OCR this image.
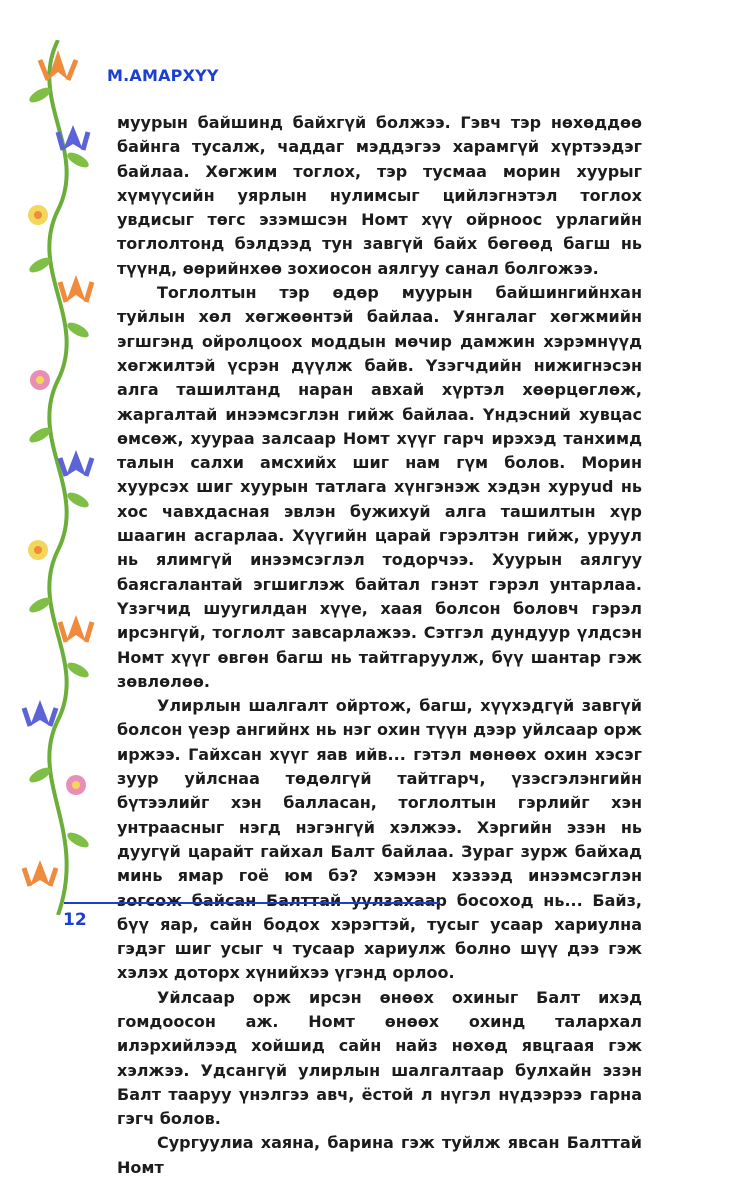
М.АМАРХҮҮ

муурын байшинд байхгүй болжээ. Гэвч тэр нөхөддөө байнга тусалж, чаддаг мэддэгээ харамгүй хүртээдэг байлаа. Хөгжим тоглох, тэр тусмаа морин хуурыг хүмүүсийн уярлын нулимсыг цийлэгнэтэл тоглох увдисыг төгс эзэмшсэн Номт хүү ойрноос урлагийн тоглолтонд бэлдээд тун завгүй байх бөгөөд багш нь түүнд, өөрийнхөө зохиосон аялгуу санал болгожээ.

Тоглолтын тэр өдөр муурын байшингийнхан туйлын хөл хөгжөөнтэй байлаа. Уянгалаг хөгжмийн эгшгэнд ойролцоох моддын мөчир дамжин хэрэмнүүд хөгжилтэй үсрэн дүүлж байв. Үзэгчдийн нижигнэсэн алга ташилтанд наран авхай хүртэл хөөрцөглөж, жаргалтай инээмсэглэн гийж байлаа. Үндэсний хувцас өмсөж, хуураа залсаар Номт хүүг гарч ирэхэд танхимд талын салхи амсхийх шиг нам гүм болов. Морин хуурсэх шиг хуурын татлага хүнгэнэж хэдэн хуруud нь хос чавхдасная эвлэн бужихуй алга ташилтын хүр шаагин асгарлаа. Хүүгийн царай гэрэлтэн гийж, уруул нь ялимгүй инээмсэглэл тодорчээ. Хуурын аялгуу баясгалантай эгшиглэж байтал гэнэт гэрэл унтарлаа. Үзэгчид шуугилдан хүүе, хаая болсон боловч гэрэл ирсэнгүй, тоглолт завсарлажээ. Сэтгэл дундуур үлдсэн Номт хүүг өвгөн багш нь тайтгаруулж, бүү шантар гэж зөвлөлөө.

Улирлын шалгалт ойртож, багш, хүүхэдгүй завгүй болсон үеэр ангийнх нь нэг охин түүн дээр уйлсаар орж иржээ. Гайхсан хүүг яав ийв... гэтэл мөнөөх охин хэсэг зуур уйлснаа төдөлгүй тайтгарч, үзэсгэлэнгийн бүтээлийг хэн балласан, тоглолтын гэрлийг хэн унтраасныг нэгд нэгэнгүй хэлжээ. Хэргийн эзэн нь дуугүй царайт гайхал Балт байлаа. Зураг зурж байхад минь ямар гоё юм бэ? хэмээн хэзээд инээмсэглэн зогсож байсан Балттай уулзахаар босоход нь... Байз, бүү яар, сайн бодох хэрэгтэй, тусыг усаар хариулна гэдэг шиг усыг ч тусаар хариулж болно шүү дээ гэж хэлэх доторх хүнийхээ үгэнд орлоо.

Уйлсаар орж ирсэн өнөөх охиныг Балт ихэд гомдоосон аж. Номт өнөөх охинд талархал илэрхийлээд хойшид сайн найз нөхөд явцгаая гэж хэлжээ. Удсангүй улирлын шалгалтаар булхайн эзэн Балт тааруу үнэлгээ авч, ёстой л нүгэл нүдээрээ гарна гэгч болов.

Сургуулиа хаяна, барина гэж туйлж явсан Балттай Номт

12
